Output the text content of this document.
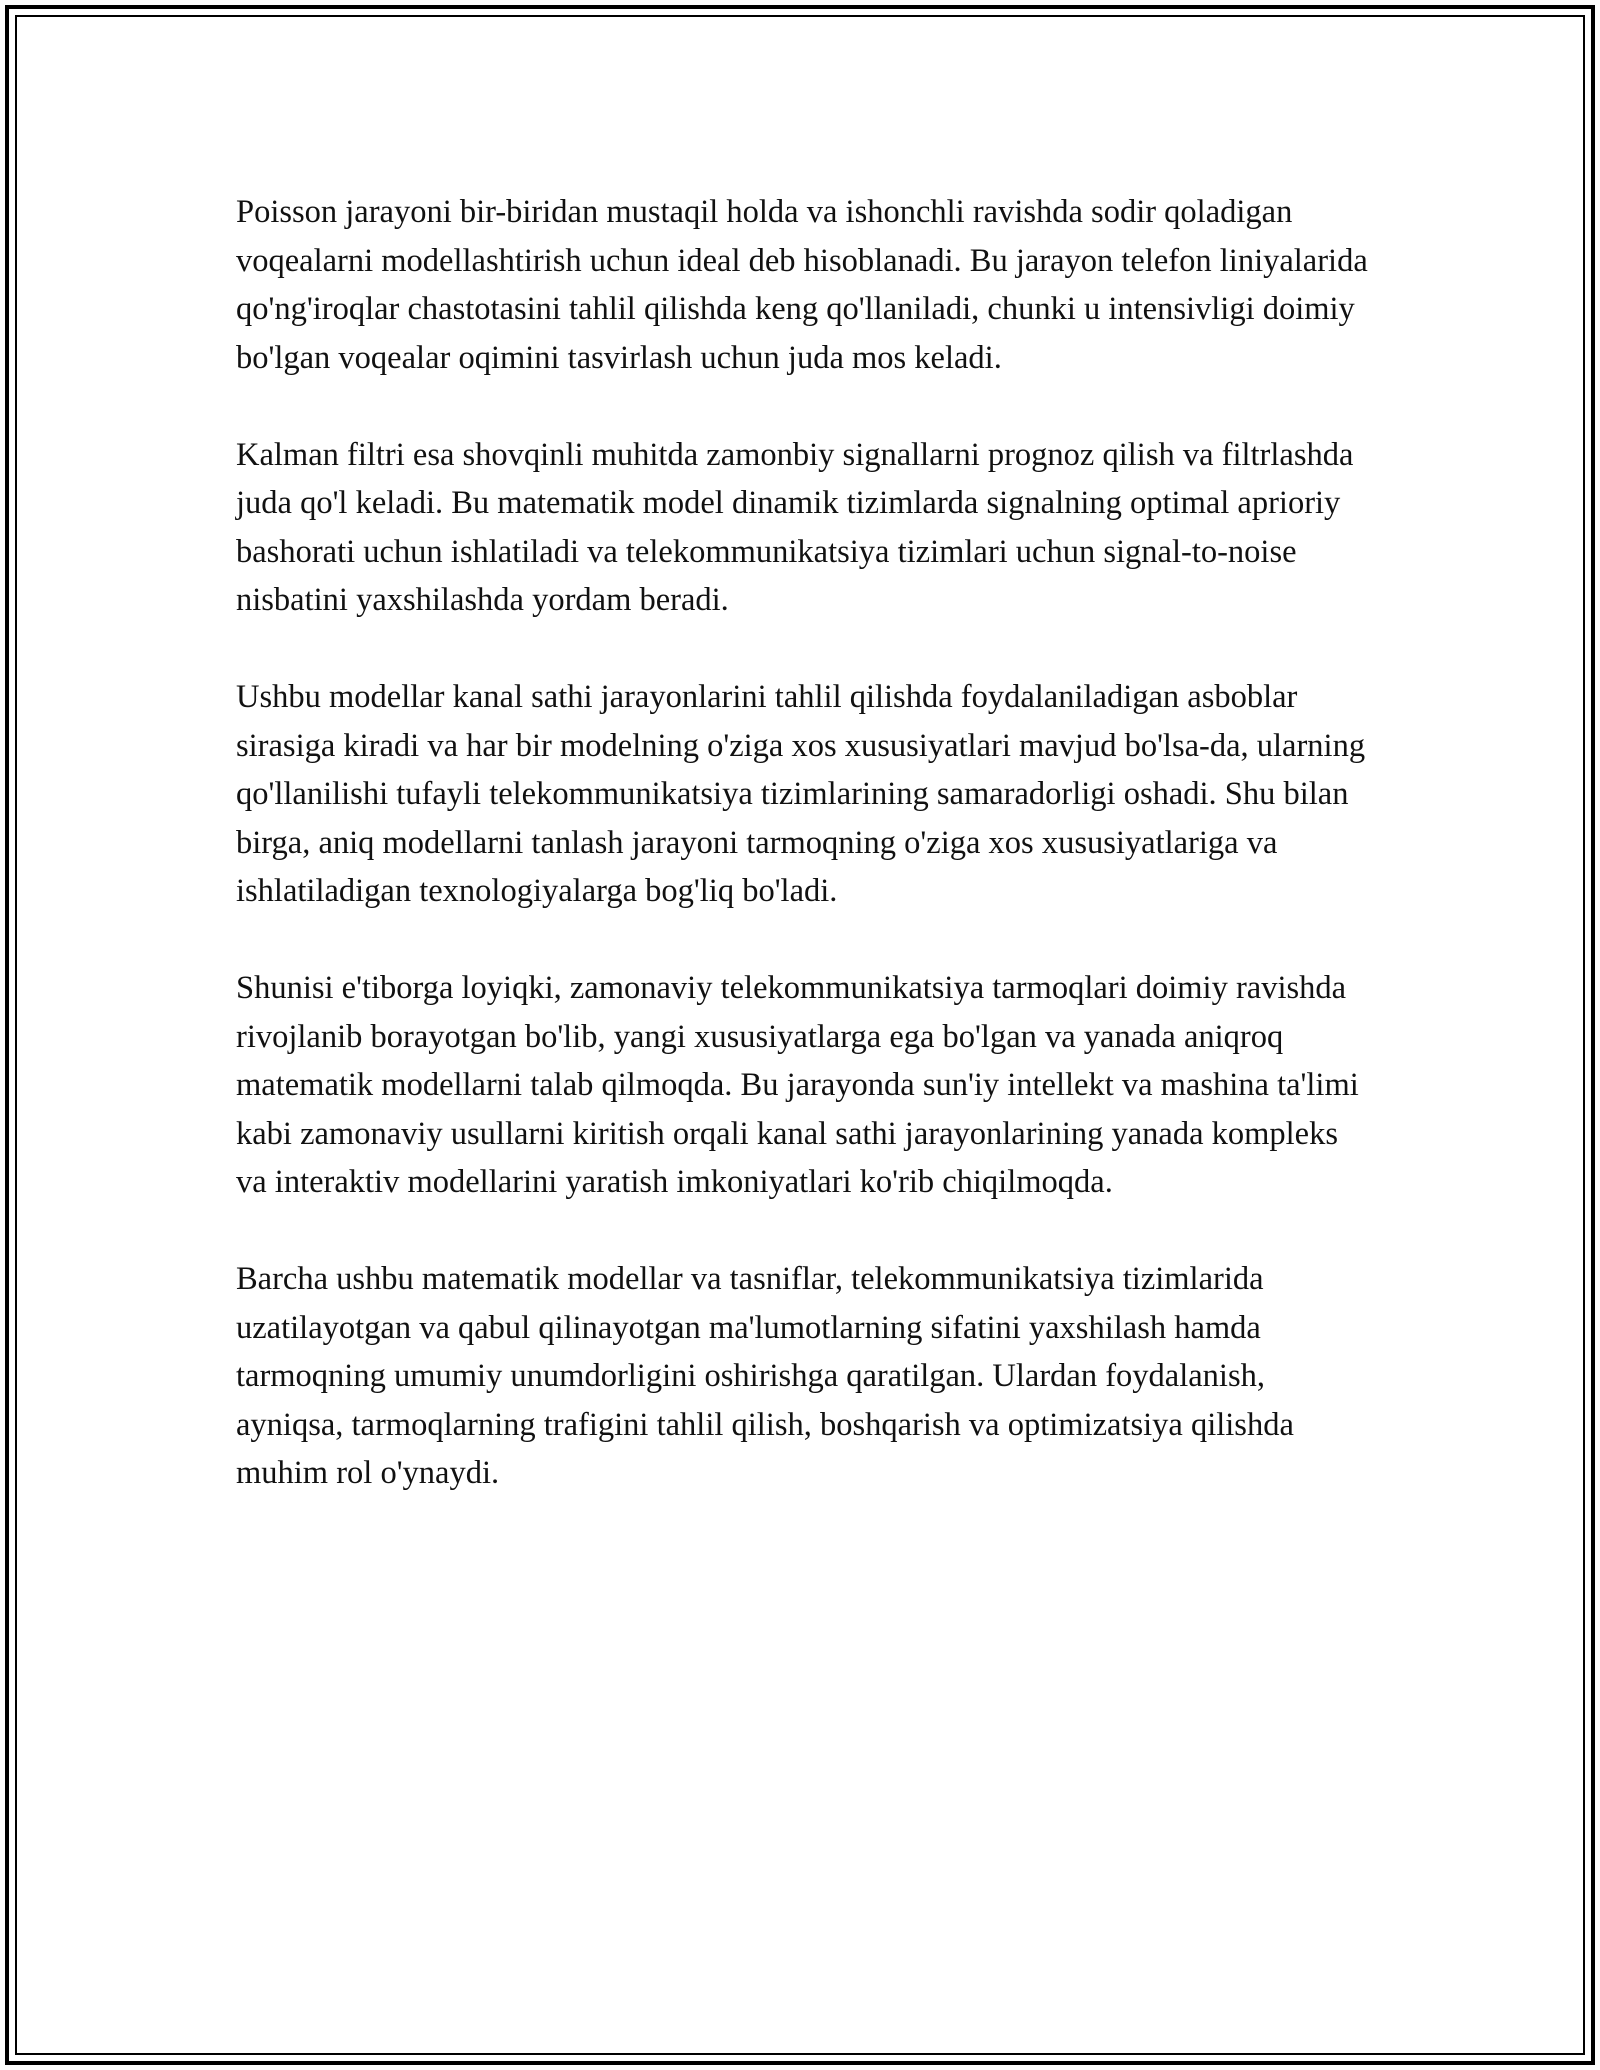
Poisson jarayoni bir-biridan mustaqil holda va ishonchli ravishda sodir qoladigan voqealarni modellashtirish uchun ideal deb hisoblanadi. Bu jarayon telefon liniyalarida qo'ng'iroqlar chastotasini tahlil qilishda keng qo'llaniladi, chunki u intensivligi doimiy bo'lgan voqealar oqimini tasvirlash uchun juda mos keladi.

Kalman filtri esa shovqinli muhitda zamonbiy signallarni prognoz qilish va filtrlashda juda qo'l keladi. Bu matematik model dinamik tizimlarda signalning optimal aprioriy bashorati uchun ishlatiladi va telekommunikatsiya tizimlari uchun signal-to-noise nisbatini yaxshilashda yordam beradi.

Ushbu modellar kanal sathi jarayonlarini tahlil qilishda foydalaniladigan asboblar sirasiga kiradi va har bir modelning o'ziga xos xususiyatlari mavjud bo'lsa-da, ularning qo'llanilishi tufayli telekommunikatsiya tizimlarining samaradorligi oshadi. Shu bilan birga, aniq modellarni tanlash jarayoni tarmoqning o'ziga xos xususiyatlariga va ishlatiladigan texnologiyalarga bog'liq bo'ladi.

Shunisi e'tiborga loyiqki, zamonaviy telekommunikatsiya tarmoqlari doimiy ravishda rivojlanib borayotgan bo'lib, yangi xususiyatlarga ega bo'lgan va yanada aniqroq matematik modellarni talab qilmoqda. Bu jarayonda sun'iy intellekt va mashina ta'limi kabi zamonaviy usullarni kiritish orqali kanal sathi jarayonlarining yanada kompleks va interaktiv modellarini yaratish imkoniyatlari ko'rib chiqilmoqda.

Barcha ushbu matematik modellar va tasniflar, telekommunikatsiya tizimlarida uzatilayotgan va qabul qilinayotgan ma'lumotlarning sifatini yaxshilash hamda tarmoqning umumiy unumdorligini oshirishga qaratilgan. Ulardan foydalanish, ayniqsa, tarmoqlarning trafigini tahlil qilish, boshqarish va optimizatsiya qilishda muhim rol o'ynaydi.
